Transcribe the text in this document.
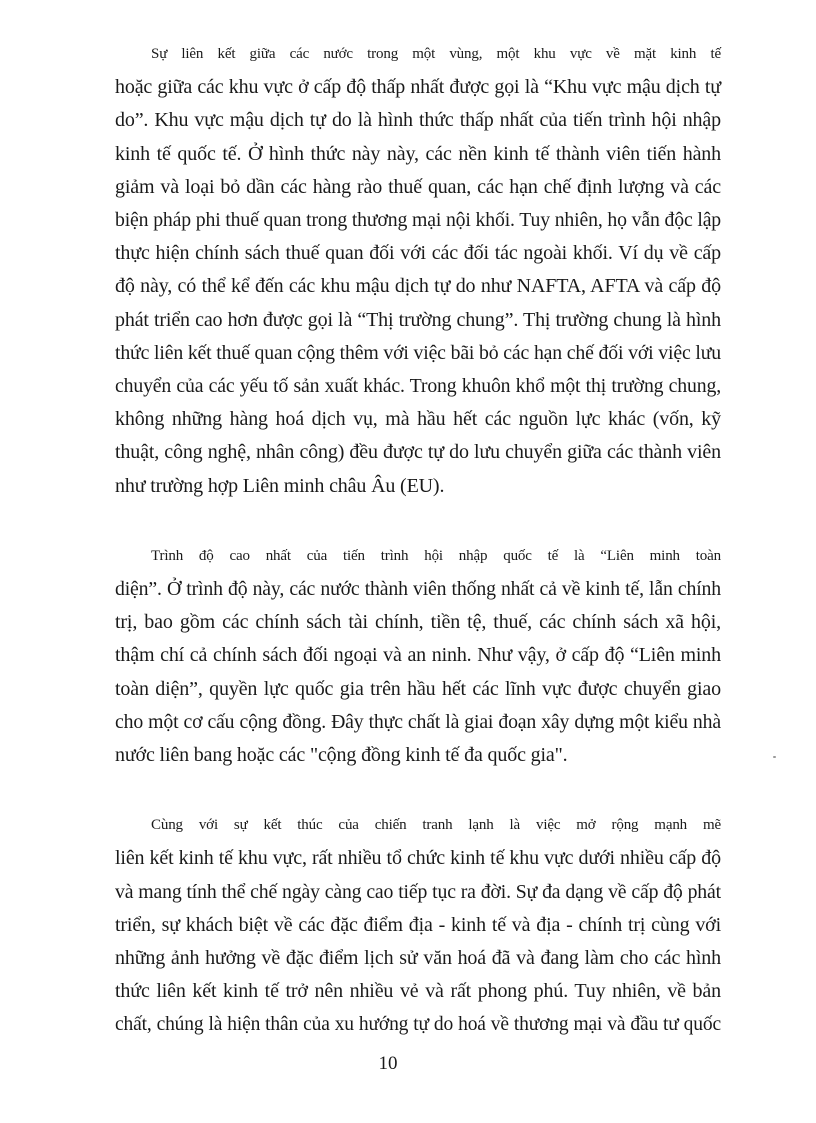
Sự liên kết giữa các nước trong một vùng, một khu vực về mặt kinh tế
hoặc giữa các khu vực ở cấp độ thấp nhất được gọi là “Khu vực mậu dịch tự
do”. Khu vực mậu dịch tự do là hình thức thấp nhất của tiến trình hội nhập
kinh tế quốc tế. Ở hình thức này này, các nền kinh tế thành viên tiến hành
giảm và loại bỏ dần các hàng rào thuế quan, các hạn chế định lượng và các
biện pháp phi thuế quan trong thương mại nội khối. Tuy nhiên, họ vẫn độc lập
thực hiện chính sách thuế quan đối với các đối tác ngoài khối. Ví dụ về cấp
độ này, có thể kể đến các khu mậu dịch tự do như NAFTA, AFTA và cấp độ
phát triển cao hơn được gọi là “Thị trường chung”. Thị trường chung là hình
thức liên kết thuế quan cộng thêm với việc bãi bỏ các hạn chế đối với việc lưu
chuyển của các yếu tố sản xuất khác. Trong khuôn khổ một thị trường chung,
không những hàng hoá dịch vụ, mà hầu hết các nguồn lực khác (vốn, kỹ
thuật, công nghệ, nhân công) đều được tự do lưu chuyển giữa các thành viên
như trường hợp Liên minh châu Âu (EU).
Trình độ cao nhất của tiến trình hội nhập quốc tế là “Liên minh toàn
diện”. Ở trình độ này, các nước thành viên thống nhất cả về kinh tế, lẫn chính
trị, bao gồm các chính sách tài chính, tiền tệ, thuế, các chính sách xã hội,
thậm chí cả chính sách đối ngoại và an ninh. Như vậy, ở cấp độ “Liên minh
toàn diện”, quyền lực quốc gia trên hầu hết các lĩnh vực được chuyển giao
cho một cơ cấu cộng đồng. Đây thực chất là giai đoạn xây dựng một kiểu nhà
nước liên bang hoặc các "cộng đồng kinh tế đa quốc gia".
Cùng với sự kết thúc của chiến tranh lạnh là việc mở rộng mạnh mẽ
liên kết kinh tế khu vực, rất nhiều tổ chức kinh tế khu vực dưới nhiều cấp độ
và mang tính thể chế ngày càng cao tiếp tục ra đời. Sự đa dạng về cấp độ phát
triển, sự khách biệt về các đặc điểm địa - kinh tế và địa - chính trị cùng với
những ảnh hưởng về đặc điểm lịch sử văn hoá đã và đang làm cho các hình
thức liên kết kinh tế trở nên nhiều vẻ và rất phong phú. Tuy nhiên, về bản
chất, chúng là hiện thân của xu hướng tự do hoá về thương mại và đầu tư quốc
10
